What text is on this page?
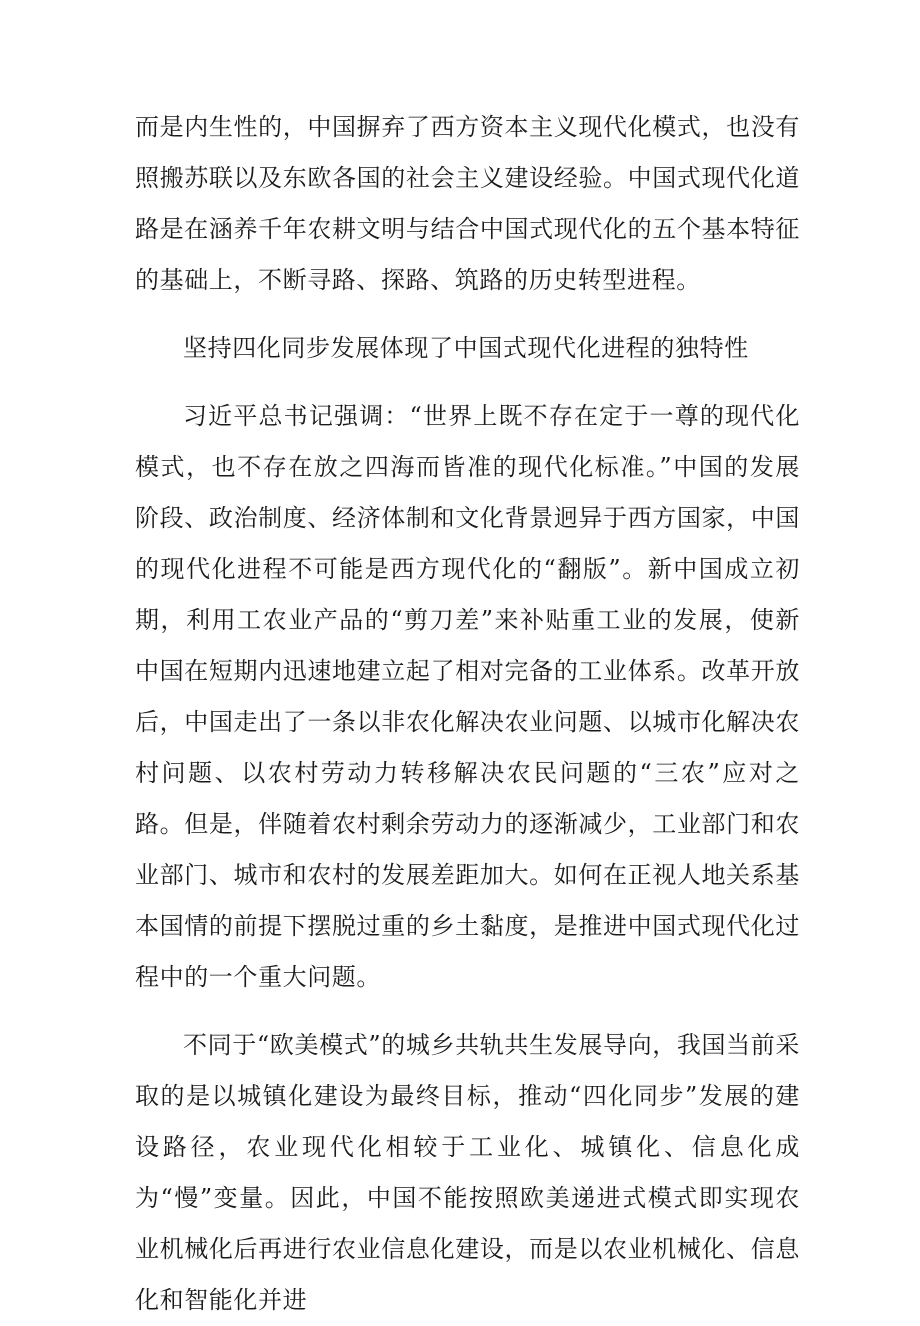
而是内生性的，中国摒弃了西方资本主义现代化模式，也没有照搬苏联以及东欧各国的社会主义建设经验。中国式现代化道路是在涵养千年农耕文明与结合中国式现代化的五个基本特征的基础上，不断寻路、探路、筑路的历史转型进程。

坚持四化同步发展体现了中国式现代化进程的独特性

习近平总书记强调：“世界上既不存在定于一尊的现代化模式，也不存在放之四海而皆准的现代化标准。”中国的发展阶段、政治制度、经济体制和文化背景迥异于西方国家，中国的现代化进程不可能是西方现代化的“翻版”。新中国成立初期，利用工农业产品的“剪刀差”来补贴重工业的发展，使新中国在短期内迅速地建立起了相对完备的工业体系。改革开放后，中国走出了一条以非农化解决农业问题、以城市化解决农村问题、以农村劳动力转移解决农民问题的“三农”应对之路。但是，伴随着农村剩余劳动力的逐渐减少，工业部门和农业部门、城市和农村的发展差距加大。如何在正视人地关系基本国情的前提下摆脱过重的乡土黏度，是推进中国式现代化过程中的一个重大问题。

不同于“欧美模式”的城乡共轨共生发展导向，我国当前采取的是以城镇化建设为最终目标，推动“四化同步”发展的建设路径，农业现代化相较于工业化、城镇化、信息化成为“慢”变量。因此，中国不能按照欧美递进式模式即实现农业机械化后再进行农业信息化建设，而是以农业机械化、信息化和智能化并进
